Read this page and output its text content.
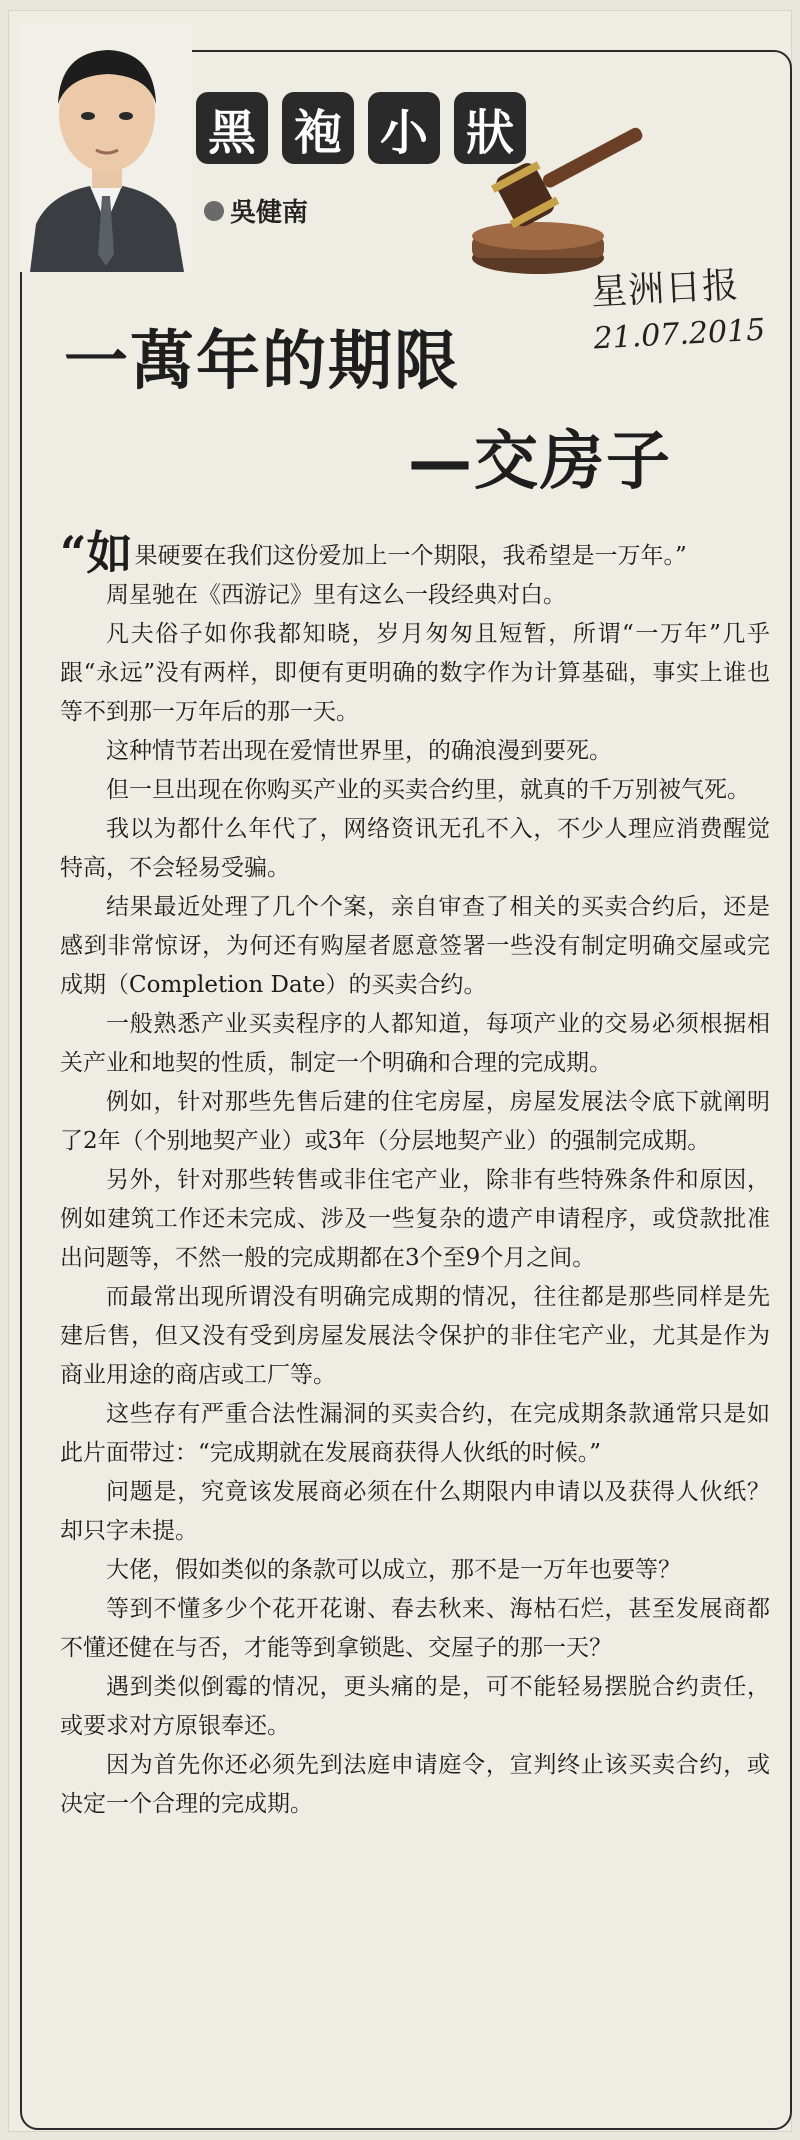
黑 袍 小 狀
吳健南
星洲日报
21.07.2015
一萬年的期限
—交房子

“如果硬要在我们这份爱加上一个期限，我希望是一万年。”

周星驰在《西游记》里有这么一段经典对白。

凡夫俗子如你我都知晓，岁月匆匆且短暂，所谓“一万年”几乎跟“永远”没有两样，即便有更明确的数字作为计算基础，事实上谁也等不到那一万年后的那一天。

这种情节若出现在爱情世界里，的确浪漫到要死。

但一旦出现在你购买产业的买卖合约里，就真的千万别被气死。

我以为都什么年代了，网络资讯无孔不入，不少人理应消费醒觉特高，不会轻易受骗。

结果最近处理了几个个案，亲自审查了相关的买卖合约后，还是感到非常惊讶，为何还有购屋者愿意签署一些没有制定明确交屋或完成期（Completion Date）的买卖合约。

一般熟悉产业买卖程序的人都知道，每项产业的交易必须根据相关产业和地契的性质，制定一个明确和合理的完成期。

例如，针对那些先售后建的住宅房屋，房屋发展法令底下就阐明了2年（个别地契产业）或3年（分层地契产业）的强制完成期。

另外，针对那些转售或非住宅产业，除非有些特殊条件和原因，例如建筑工作还未完成、涉及一些复杂的遗产申请程序，或贷款批准出问题等，不然一般的完成期都在3个至9个月之间。

而最常出现所谓没有明确完成期的情况，往往都是那些同样是先建后售，但又没有受到房屋发展法令保护的非住宅产业，尤其是作为商业用途的商店或工厂等。

这些存有严重合法性漏洞的买卖合约，在完成期条款通常只是如此片面带过：“完成期就在发展商获得人伙纸的时候。”

问题是，究竟该发展商必须在什么期限内申请以及获得人伙纸？却只字未提。

大佬，假如类似的条款可以成立，那不是一万年也要等？

等到不懂多少个花开花谢、春去秋来、海枯石烂，甚至发展商都不懂还健在与否，才能等到拿锁匙、交屋子的那一天？

遇到类似倒霉的情况，更头痛的是，可不能轻易摆脱合约责任，或要求对方原银奉还。

因为首先你还必须先到法庭申请庭令，宣判终止该买卖合约，或决定一个合理的完成期。
